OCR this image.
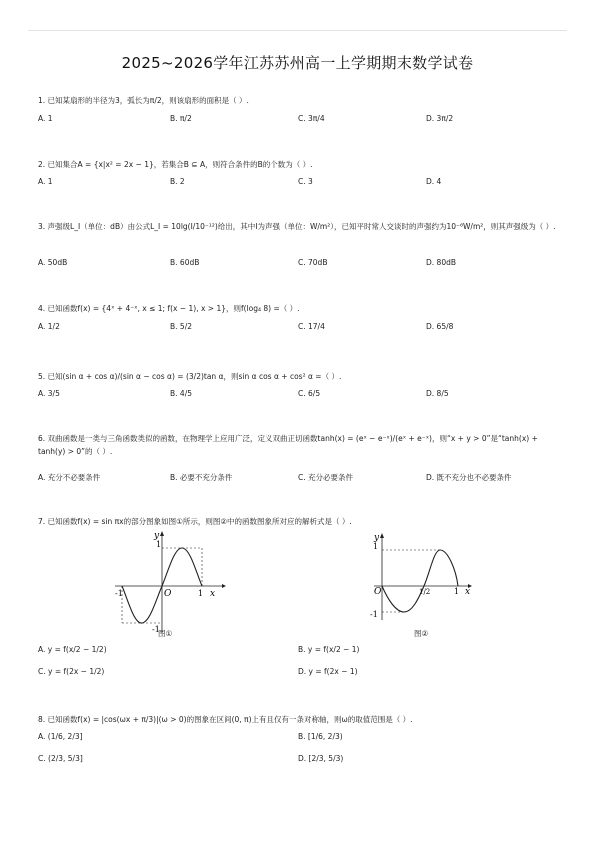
2025~2026学年江苏苏州高一上学期期末数学试卷
1. 已知某扇形的半径为3，弧长为π/2，则该扇形的面积是（ ）.
A. 1	B. π/2	C. 3π/4	D. 3π/2
2. 已知集合A = {x|x² = 2x − 1}，若集合B ⊆ A，则符合条件的B的个数为（ ）.
A. 1	B. 2	C. 3	D. 4
3. 声强级L_I（单位：dB）由公式L_I = 10lg(I/10⁻¹²)给出，其中I为声强（单位：W/m²），已知平时常人交谈时的声强约为10⁻⁶W/m²，则其声强级为（ ）.
A. 50dB	B. 60dB	C. 70dB	D. 80dB
4. 已知函数f(x) = {4ˣ + 4⁻ˣ, x ≤ 1; f(x − 1), x > 1}，则f(log₄ 8) =（ ）.
A. 1/2	B. 5/2	C. 17/4	D. 65/8
5. 已知(sin α + cos α)/(sin α − cos α) = (3/2)tan α，则sin α cos α + cos² α =（ ）.
A. 3/5	B. 4/5	C. 6/5	D. 8/5
6. 双曲函数是一类与三角函数类似的函数，在物理学上应用广泛，定义双曲正切函数tanh(x) = (eˣ − e⁻ˣ)/(eˣ + e⁻ˣ)，则“x + y > 0”是“tanh(x) + tanh(y) > 0”的（ ）.
A. 充分不必要条件	B. 必要不充分条件	C. 充分必要条件	D. 既不充分也不必要条件
7. 已知函数f(x) = sin πx的部分图象如图①所示，则图②中的函数图象所对应的解析式是（ ）.
1
-1
-1	O	1 x
y
图①
1
-1
O	1/2	1 x
y
图②
A. y = f(x/2 − 1/2)	B. y = f(x/2 − 1)
C. y = f(2x − 1/2)	D. y = f(2x − 1)
8. 已知函数f(x) = |cos(ωx + π/3)|(ω > 0)的图象在区间(0, π)上有且仅有一条对称轴，则ω的取值范围是（ ）.
A. (1/6, 2/3]	B. [1/6, 2/3)
C. (2/3, 5/3]	D. [2/3, 5/3)
